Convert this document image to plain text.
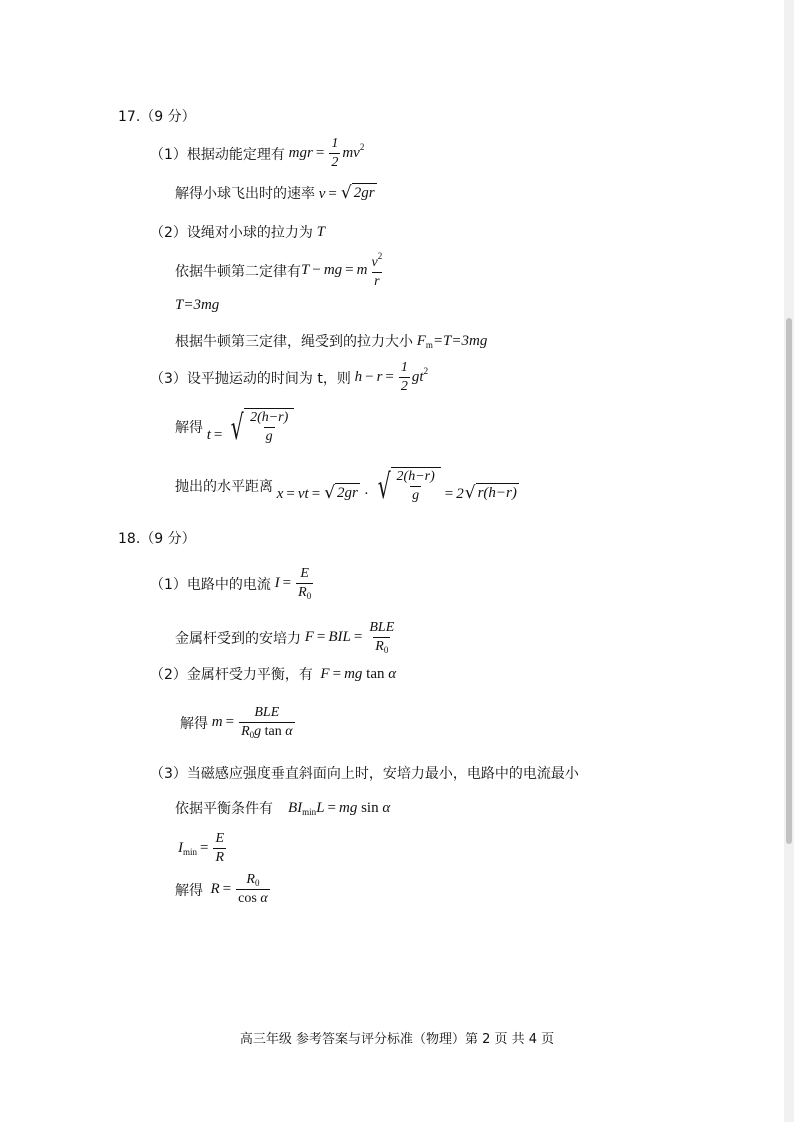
17.（9 分）
（1）根据动能定理有 mgr = $\frac{1}{2} mv^2$
解得小球飞出时的速率 v = √ 2gr
（2）设绳对小球的拉力为 T
依据牛顿第二定律有 T − mg = m $\frac{v^2}{r}$
T=3mg
根据牛顿第三定律，绳受到的拉力大小 $F_m=T=3mg$
（3）设平抛运动的时间为 t，则 $h - r = \frac{1}{2} gt^2$
解得 t = √ $\frac{2(h-r)}{g}$
抛出的水平距离 x = vt = √ 2gr · √ $\frac{2(h-r)}{g} = 2$ √ r(h−r)
18.（9 分）
（1）电路中的电流 $I = \frac{E}{R_0}$
金属杆受到的安培力 F = BIL = $\frac{\text{BLE}}{R_0}$
（2）金属杆受力平衡，有 F = mg tan α
解得 $m = \frac{\text{BLE}}{R_0g \tan \alpha}$
（3）当磁感应强度垂直斜面向上时，安培力最小，电路中的电流最小
依据平衡条件有 $BI_{min}L$ = mg sin α
$I_{min} = \frac{E}{R}$
解得 $R = \frac{R_0}{\text{cos α}}$
高三年级 参考答案与评分标准（物理）第 2 页 共 4 页
